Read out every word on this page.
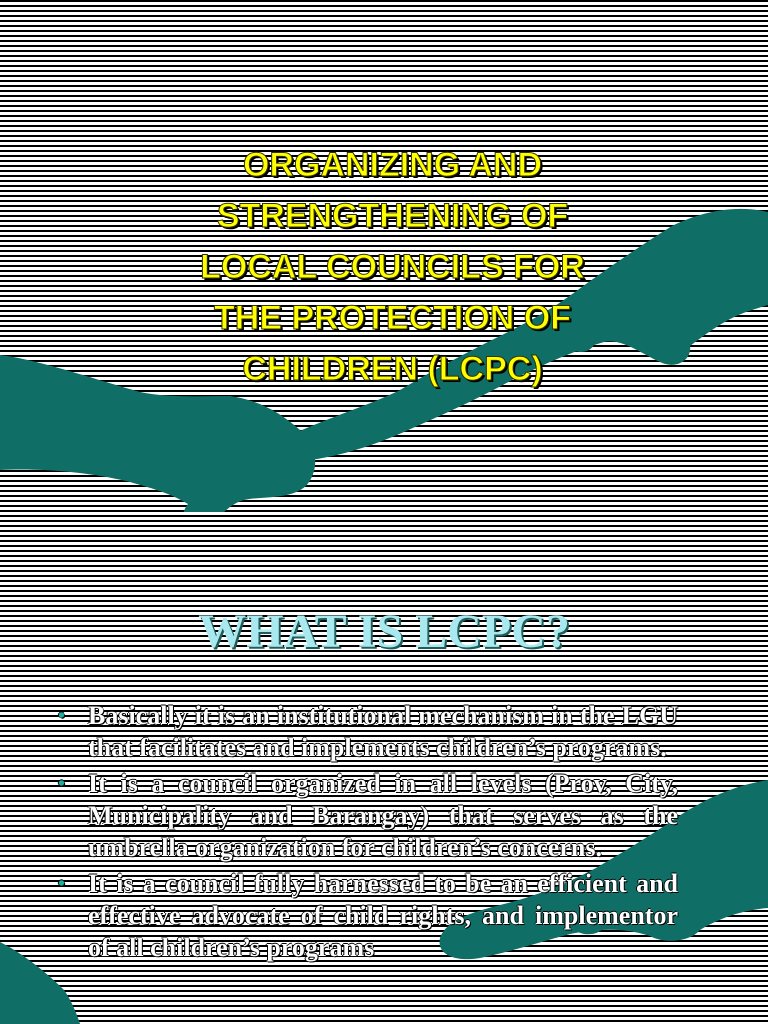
ORGANIZING AND
STRENGTHENING OF
LOCAL COUNCILS FOR
THE PROTECTION OF
CHILDREN (LCPC)
WHAT IS LCPC?
• Basically it is an institutional mechanism in the LGU that facilitates and implements children’s programs.
• It is a council organized in all levels (Prov, City, Municipality and Barangay) that serves as the umbrella organization for children’s concerns.
• It is a council fully harnessed to be an efficient and effective advocate of child rights, and implementor of all children’s programs
